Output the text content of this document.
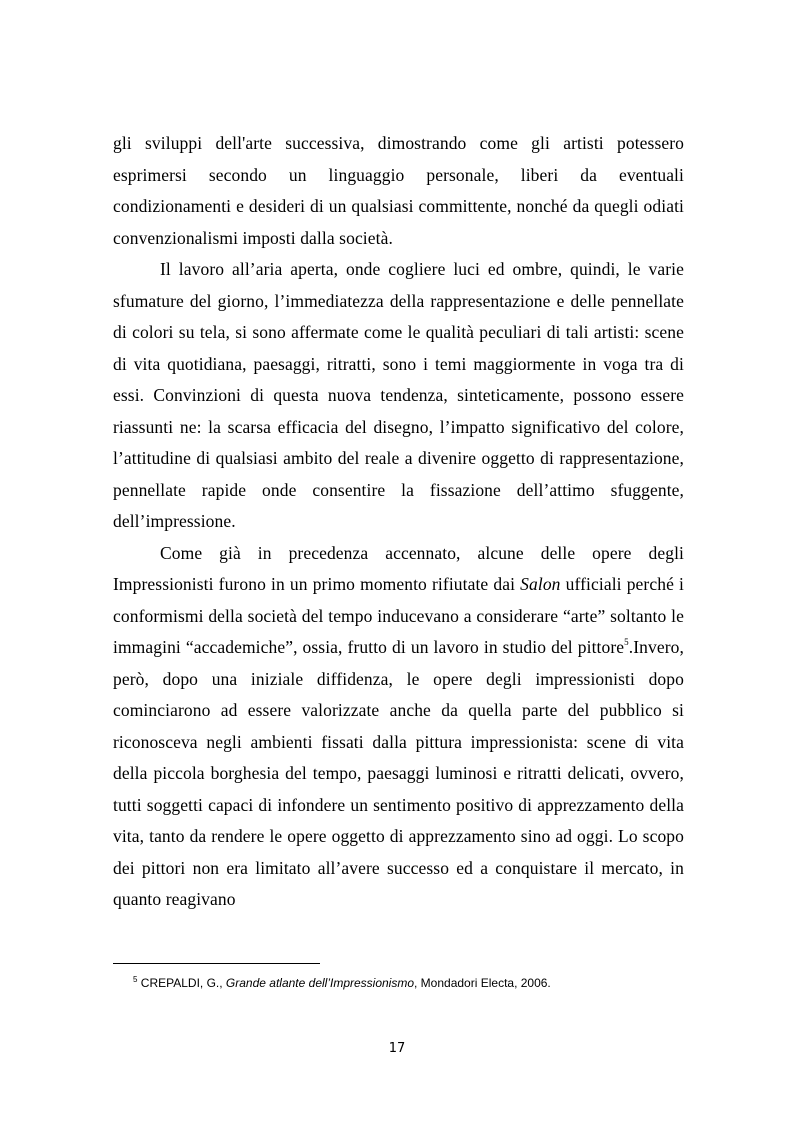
gli sviluppi dell'arte successiva, dimostrando come gli artisti potessero esprimersi secondo un linguaggio personale, liberi da eventuali condizionamenti e desideri di un qualsiasi committente, nonché da quegli odiati convenzionalismi imposti dalla società.

Il lavoro all’aria aperta, onde cogliere luci ed ombre, quindi, le varie sfumature del giorno, l’immediatezza della rappresentazione e delle pennellate di colori su tela, si sono affermate come le qualità peculiari di tali artisti: scene di vita quotidiana, paesaggi, ritratti, sono i temi maggiormente in voga tra di essi. Convinzioni di questa nuova tendenza, sinteticamente, possono essere riassunti ne: la scarsa efficacia del disegno, l’impatto significativo del colore, l’attitudine di qualsiasi ambito del reale a divenire oggetto di rappresentazione, pennellate rapide onde consentire la fissazione dell’attimo sfuggente, dell’impressione.

Come già in precedenza accennato, alcune delle opere degli Impressionisti furono in un primo momento rifiutate dai Salon ufficiali perché i conformismi della società del tempo inducevano a considerare “arte” soltanto le immagini “accademiche”, ossia, frutto di un lavoro in studio del pittore$^5$.Invero, però, dopo una iniziale diffidenza, le opere degli impressionisti dopo cominciarono ad essere valorizzate anche da quella parte del pubblico si riconosceva negli ambienti fissati dalla pittura impressionista: scene di vita della piccola borghesia del tempo, paesaggi luminosi e ritratti delicati, ovvero, tutti soggetti capaci di infondere un sentimento positivo di apprezzamento della vita, tanto da rendere le opere oggetto di apprezzamento sino ad oggi. Lo scopo dei pittori non era limitato all’avere successo ed a conquistare il mercato, in quanto reagivano

$^5$ CREPALDI, G., Grande atlante dell’Impressionismo, Mondadori Electa, 2006.
17
